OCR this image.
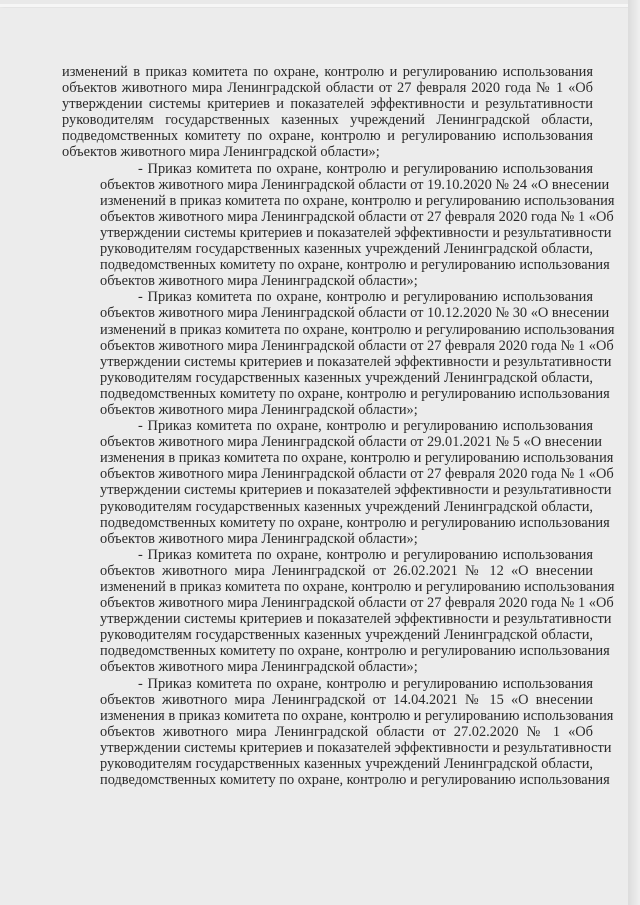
изменений в приказ комитета по охране, контролю и регулированию использования
объектов животного мира Ленинградской области от 27 февраля 2020 года № 1 «Об
утверждении системы критериев и показателей эффективности и результативности
руководителям государственных казенных учреждений Ленинградской области,
подведомственных комитету по охране, контролю и регулированию использования
объектов животного мира Ленинградской области»;
- Приказ комитета по охране, контролю и регулированию использования
объектов животного мира Ленинградской области от 19.10.2020 № 24 «О внесении
изменений в приказ комитета по охране, контролю и регулированию использования
объектов животного мира Ленинградской области от 27 февраля 2020 года № 1 «Об
утверждении системы критериев и показателей эффективности и результативности
руководителям государственных казенных учреждений Ленинградской области,
подведомственных комитету по охране, контролю и регулированию использования
объектов животного мира Ленинградской области»;
- Приказ комитета по охране, контролю и регулированию использования
объектов животного мира Ленинградской области от 10.12.2020 № 30 «О внесении
изменений в приказ комитета по охране, контролю и регулированию использования
объектов животного мира Ленинградской области от 27 февраля 2020 года № 1 «Об
утверждении системы критериев и показателей эффективности и результативности
руководителям государственных казенных учреждений Ленинградской области,
подведомственных комитету по охране, контролю и регулированию использования
объектов животного мира Ленинградской области»;
- Приказ комитета по охране, контролю и регулированию использования
объектов животного мира Ленинградской области от 29.01.2021 № 5 «О внесении
изменения в приказ комитета по охране, контролю и регулированию использования
объектов животного мира Ленинградской области от 27 февраля 2020 года № 1 «Об
утверждении системы критериев и показателей эффективности и результативности
руководителям государственных казенных учреждений Ленинградской области,
подведомственных комитету по охране, контролю и регулированию использования
объектов животного мира Ленинградской области»;
- Приказ комитета по охране, контролю и регулированию использования
объектов животного мира Ленинградской от 26.02.2021 № 12 «О внесении
изменений в приказ комитета по охране, контролю и регулированию использования
объектов животного мира Ленинградской области от 27 февраля 2020 года № 1 «Об
утверждении системы критериев и показателей эффективности и результативности
руководителям государственных казенных учреждений Ленинградской области,
подведомственных комитету по охране, контролю и регулированию использования
объектов животного мира Ленинградской области»;
- Приказ комитета по охране, контролю и регулированию использования
объектов животного мира Ленинградской от 14.04.2021 № 15 «О внесении
изменения в приказ комитета по охране, контролю и регулированию использования
объектов животного мира Ленинградской области от 27.02.2020 № 1 «Об
утверждении системы критериев и показателей эффективности и результативности
руководителям государственных казенных учреждений Ленинградской области,
подведомственных комитету по охране, контролю и регулированию использования
